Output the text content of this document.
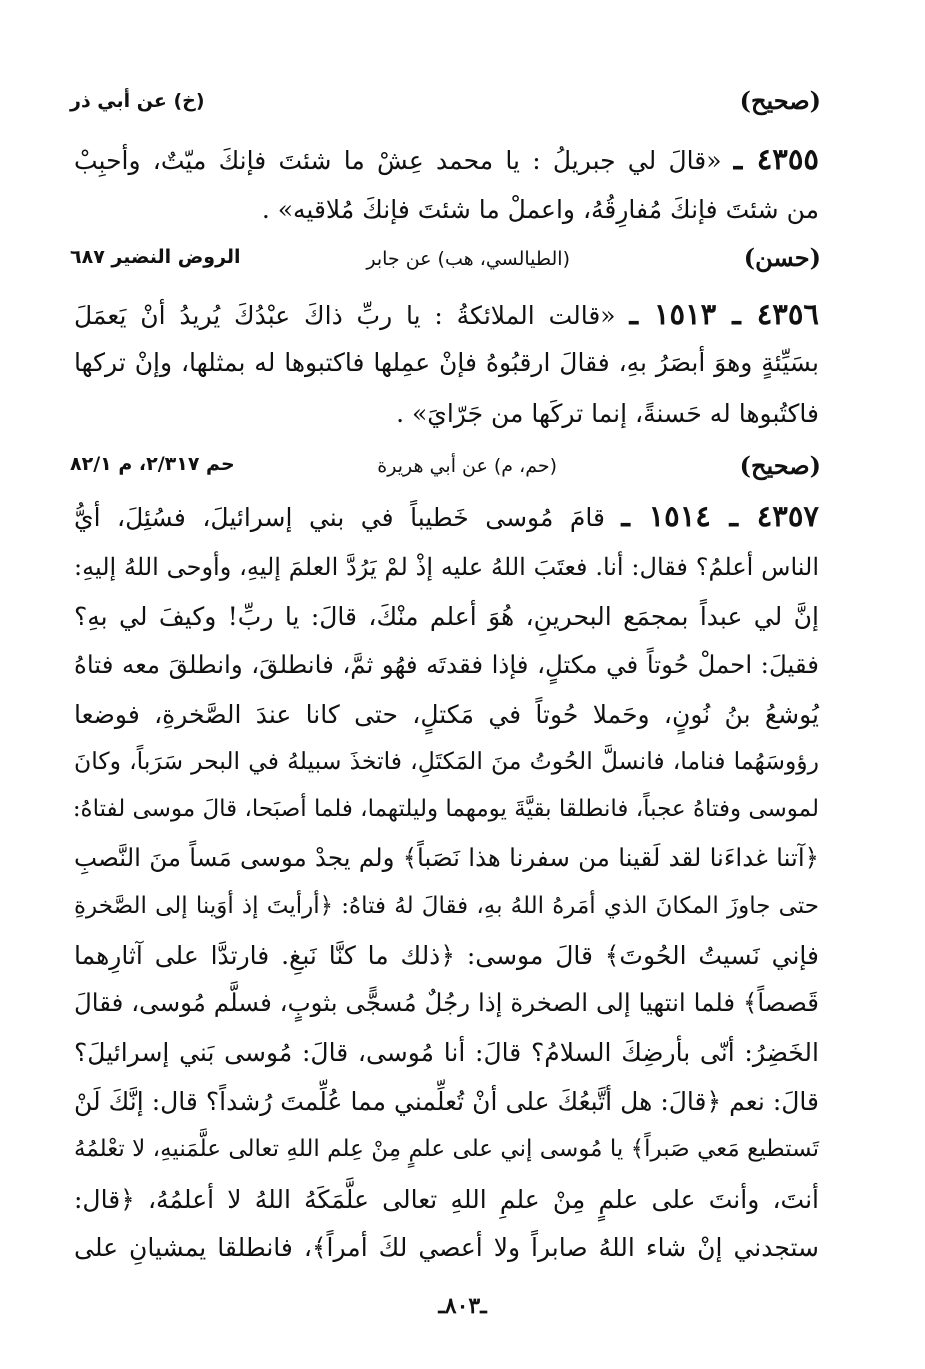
(صحيح)
(خ) عن أبي ذر
٤٣٥٥ ـ «قالَ لي جبريلُ : يا محمد عِشْ ما شئتَ فإنكَ ميّتٌ، وأحبِبْ
من شئتَ فإنكَ مُفارِقُهُ، واعملْ ما شئتَ فإنكَ مُلاقيه» .
(حسن)
(الطيالسي، هب) عن جابر
الروض النضير ٦٨٧
٤٣٥٦ ـ ١٥١٣ ـ «قالت الملائكةُ : يا ربِّ ذاكَ عبْدُكَ يُريدُ أنْ يَعمَلَ
بسَيِّئةٍ وهوَ أبصَرُ بهِ، فقالَ ارقبُوهُ فإنْ عمِلها فاكتبوها له بمثلها، وإنْ تركها
فاكتُبوها له حَسنةً، إنما تركَها من جَرّايَ» .
(صحيح)
(حم، م) عن أبي هريرة
حم ٢/٣١٧، م ٨٢/١
٤٣٥٧ ـ ١٥١٤ ـ قامَ مُوسى خَطيباً في بني إسرائيلَ، فسُئِلَ، أيُّ
الناس أعلمُ؟ فقال: أنا. فعتَبَ اللهُ عليه إذْ لمْ يَرُدَّ العلمَ إليهِ، وأوحى اللهُ إليهِ:
إنَّ لي عبداً بمجمَع البحرينِ، هُوَ أعلم منْكَ، قالَ: يا ربِّ! وكيفَ لي بهِ؟
فقيلَ: احملْ حُوتاً في مكتلٍ، فإذا فقدتَه فهُو ثمَّ، فانطلقَ، وانطلقَ معه فتاهُ
يُوشعُ بنُ نُونٍ، وحَملا حُوتاً في مَكتلٍ، حتى كانا عندَ الصَّخرةِ، فوضعا
رؤوسَهُما فناما، فانسلَّ الحُوتُ منَ المَكتَلِ، فاتخذَ سبيلهُ في البحر سَرَباً، وكانَ
لموسى وفتاهُ عجباً، فانطلقا بقيَّةَ يومهما وليلتهما، فلما أصبَحا، قالَ موسى لفتاهُ:
﴿آتنا غداءَنا لقد لَقينا من سفرنا هذا نَصَباً﴾ ولم يجدْ موسى مَساً منَ النَّصبِ
حتى جاوزَ المكانَ الذي أمَرهُ اللهُ بهِ، فقالَ لهُ فتاهُ: ﴿أرأيتَ إذ أوَينا إلى الصَّخرةِ
فإني نَسيتُ الحُوتَ﴾ قالَ موسى: ﴿ذلك ما كنَّا نَبغِ. فارتدَّا على آثارِهما
قَصصاً﴾ فلما انتهيا إلى الصخرة إذا رجُلٌ مُسجًّى بثوبٍ، فسلَّم مُوسى، فقالَ
الخَضِرُ: أنّى بأرضِكَ السلامُ؟ قالَ: أنا مُوسى، قالَ: مُوسى بَني إسرائيلَ؟
قالَ: نعم ﴿قالَ: هل أتَّبعُكَ على أنْ تُعلِّمني مما عُلِّمتَ رُشداً؟ قال: إنَّكَ لَنْ
تَستطيع مَعي صَبراً﴾ يا مُوسى إني على علمٍ مِنْ عِلم اللهِ تعالى علَّمَنيهِ، لا تعْلمُهُ
أنتَ، وأنتَ على علمٍ مِنْ علمِ اللهِ تعالى علَّمَكَهُ اللهُ لا أعلمُهُ، ﴿قال:
ستجدني إنْ شاء اللهُ صابراً ولا أعصي لكَ أمراً﴾، فانطلقا يمشيانِ على
ـ٨٠٣ـ
